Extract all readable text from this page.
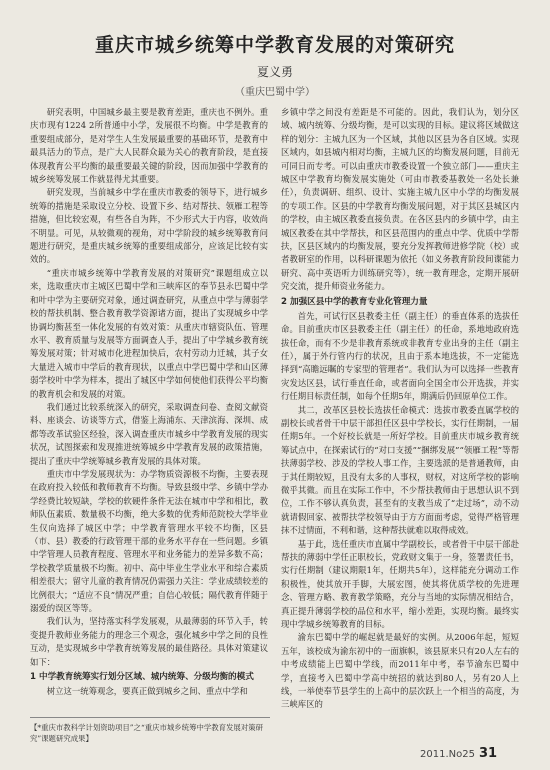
重庆市城乡统筹中学教育发展的对策研究
夏义勇
（重庆巴蜀中学）

研究表明，中国城乡最主要是教育差距，重庆也不例外。重庆市现有1224 2所普通中小学，发展很不均衡。中学是教育的重要组成部分，是对学生人生发展最重要的基础环节，是教育中最具活力的节点，是广大人民群众最为关心的教育阶段，是直接体现教育公平均衡的最重要最关键的阶段，因而加强中学教育的城乡统筹发展工作就显得尤其重要。

研究发现，当前城乡中学在重庆市教委的领导下，进行城乡统筹的措施是采取设立分校、设置下乡、结对帮扶、领雁工程等措施，但比较宏观，有些各自为阵，不少形式大于内容，收效尚不明显。可见，从较微观的视角，对中学阶段的城乡统筹教育问题进行研究，是重庆城乡统筹的重要组成部分，应该足比较有实效的。

“重庆市城乡统筹中学教育发展的对策研究”课题组成立以来，选取重庆市主城区巴蜀中学和三峡库区的奉节县永巴蜀中学和叶中学为主要研究对象，通过调查研究，从重点中学与薄弱学校的帮扶机制、整合教育教学资源诸方面，提出了实现城乡中学协调均衡甚至一体化发展的有效对策：从重庆市辖资队伍、管理水平、教育质量与发展等方面调查人手，提出了中学城乡教育统筹发展对策；针对城市化进程加快后，农村劳动力迁城，其子女大量进入城市中学后的教育现状，以重点中学巴蜀中学和山区薄弱学校叶中学为样本，提出了城区中学如何使他们获得公平均衡的教育机会和发展的对策。

我们通过比较系统深入的研究，采取调查问卷、查阅文献资料、座谈会、访谈等方式，借鉴上海浦东、天津滨海、深圳、成都等改革试验区经验，深入调查重庆市城乡中学教育发展的现实状况，试图探索和发现推进统筹城乡中学教育发展的政策措施，提出了重庆中学统筹城乡教育发展的具体对策。

重庆市中学发展现状为：办学物质资源极不均衡，主要表现在政府投入较低和教师教育不均衡。导致县级中学、乡镇中学办学经费比较短缺，学校的软硬件条件无法在城市中学和相比，教师队伍素质、数量极不均衡，绝大多数的优秀师范院校大学毕业生仅向选择了城区中学；中学教育管理水平较不均衡，区县（市、县）教委的行政管理干部的业务水平存在一些问题。乡镇中学管理人员教育程度、管理水平和业务能力的差异多数不高；学校教学质量极不均衡。初中、高中毕业生学业水平和综合素质相差很大；留守儿童的教育情况仍需强力关注：学业成绩较差的比例很大；“适应不良”情况严重；自信心较低；隔代教育伴随于溺爱的误区等等。

我们认为，坚持落实科学发展观，从最薄弱的环节入手，转变提升教师业务能力的理念三个观念，强化城乡中学之间的良性互动，是实现城乡中学教育统筹发展的最佳路径。具体对策建议如下：

1 中学教育统筹实行划分区域、城内统筹、分级均衡的模式

树立这一统筹观念，要真正做到城乡之间、重点中学和

乡镇中学之间没有差距是不可能的。因此，我们认为，划分区域、城内统筹、分级均衡，是可以实现的目标。建议将区域做这样的划分：主城九区为一个区域，其他以区县为各自区域。实现区域内，如县城内相对均衡，主城九区的均衡发展问题，目前无可同日而专考。可以由重庆市教委设置一个独立部门——重庆主城区中学教育均衡发展实施处（可由市教委基教处一名处长兼任），负责调研、组织、设计、实施主城九区中小学的均衡发展的专项工作。区县的中学教育均衡发展问题，对于其区县城区内的学校，由主城区教委直接负责。在各区县内的乡镇中学，由主城区教委在其中学帮扶，和区县范围内的重点中学、优质中学帮扶，区县区域内的均衡发展，要充分发挥教师进修学院（校）或者教研室的作用，以科研课题为依托（如义务教育阶段间谍能力研究、高中英语听力训练研究等），统一教育理念，定期开展研究交流，提升师资业务能力。

2 加强区县中学的教育专业化管理力量

首先，可试行区县教委主任（副主任）的垂直体系的选拔任命。目前重庆市区县教委主任（副主任）的任命，系地地政府选拔任命，而有不少是非教育系统或非教育专业出身的主任（副主任），属于外行管内行的状况，且由于系本地选拔，不一定能选择到“高瞻远瞩的专家型的管理者”。我们认为可以选择一些教育灾发达区县，试行垂直任命，或者面向全国全市公开选拔，并实行任期目标责任制，如每个任期5年，期满后仍回原单位工作。

其二，改革区县校长选拔任命模式：选拔市教委直属学校的副校长或者骨干中层干部担任区县中学校长，实行任期制，一届任期5年。一个好校长就是一所好学校。目前重庆市城乡教育统筹试点中，在探索试行的“对口支援”“捆绑发展”“领雁工程”等帮扶薄弱学校、涉及的学校人事工作，主要选派的是普通教师，由于其任期较短，且没有太多的人事权，财权，对这所学校的影响微乎其微。而且在实际工作中，不少帮扶教师由于思想认识不到位，工作不够认真负责，甚至有的支教当成了“走过场”，动不动就请假回家、被帮扶学校领导由于方方面面考虑，觉得严格管理抹不过情面，不利和谐，这种帮扶就难以取得成效。

基于此，选任重庆市直属中学副校长，或者骨干中层干部赴帮扶的薄弱中学任正职校长，党政财文集于一身，签署责任书，实行任期制（建议期限1年，任期共5年），这样能充分调动工作积极性，使其放开手脚，大展宏图，使其将优质学校的先进理念、管理方略、教育教学策略，充分与当地的实际情况相结合，真正提升薄弱学校的品位和水平，缩小差距，实现均衡。最终实现中学城乡统筹教育的目标。

渝东巴蜀中学的崛起就是最好的实例。从2006年起，短短五年，该校成为渝东初中的一面旗帜，该县原来只有20人左右的中考成绩能上巴蜀中学线，而2011年中考，奉节渝东巴蜀中学，直接考入巴蜀中学高中统招的就达到80人，另有20人上线，一举使奉节县学生的上高中的层次跃上一个相当的高度，为三峡库区的

【*重庆市教科学计划资助项目”之“重庆市城乡统筹中学教育发展对策研究”课题研究成果】
2011.No25 31
